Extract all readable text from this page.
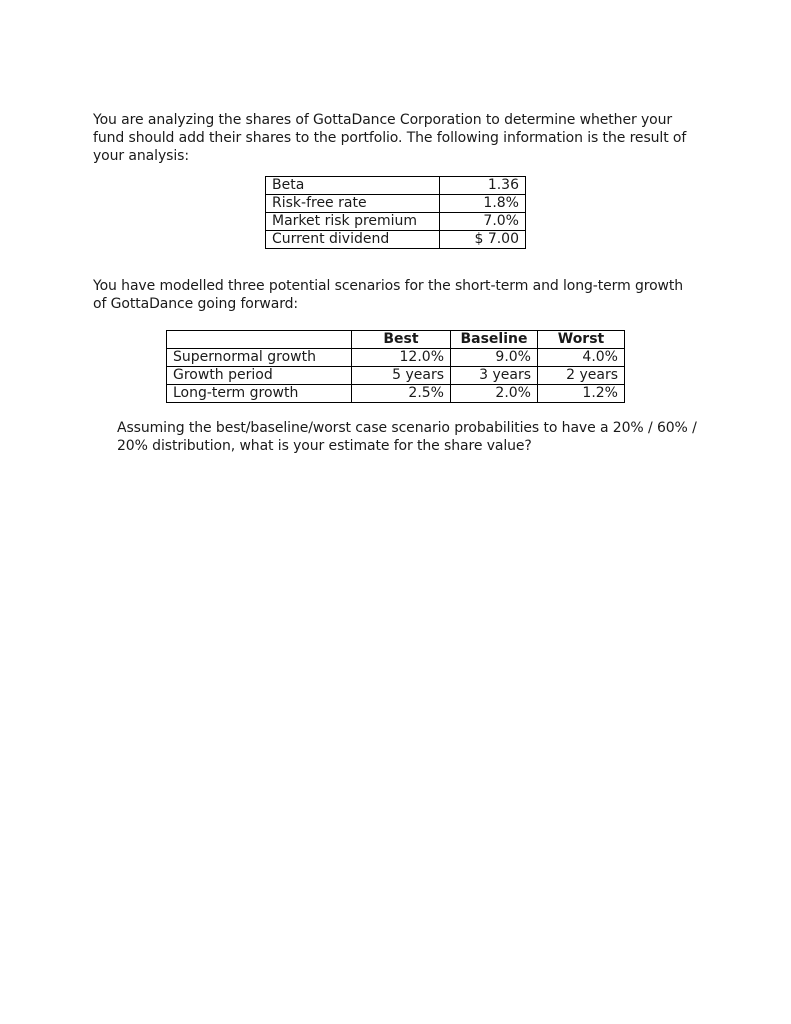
You are analyzing the shares of GottaDance Corporation to determine whether your
fund should add their shares to the portfolio. The following information is the result of
your analysis:

Beta	1.36
Risk-free rate	1.8%
Market risk premium	7.0%
Current dividend	$ 7.00

You have modelled three potential scenarios for the short-term and long-term growth
of GottaDance going forward:

	Best	Baseline	Worst
Supernormal growth	12.0%	9.0%	4.0%
Growth period	5 years	3 years	2 years
Long-term growth	2.5%	2.0%	1.2%

Assuming the best/baseline/worst case scenario probabilities to have a 20% / 60% /
20% distribution, what is your estimate for the share value?
